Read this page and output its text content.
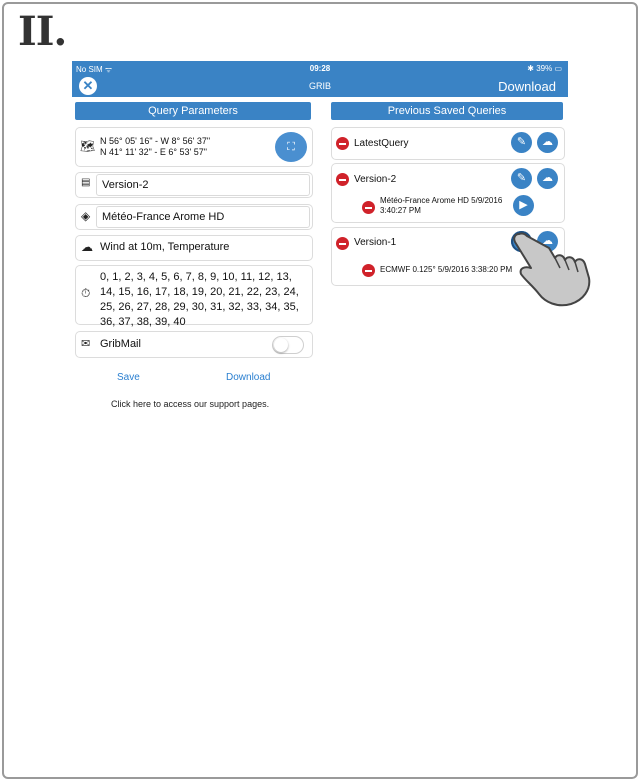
II.
No SIM ᯤ	09:28	✱ 39% ▭
✕	GRIB	Download
Query Parameters
🗺 N 56° 05' 16" - W 8° 56' 37"
N 41° 11' 32" - E 6° 53' 57"	⛶
▤	Version-2
◈	Météo-France Arome HD
☁ Wind at 10m, Temperature
⏱
0, 1, 2, 3, 4, 5, 6, 7, 8, 9, 10, 11, 12, 13, 14, 15, 16, 17, 18, 19, 20, 21, 22, 23, 24, 25, 26, 27, 28, 29, 30, 31, 32, 33, 34, 35, 36, 37, 38, 39, 40
✉ GribMail
Save	Download
Click here to access our support pages.
Previous Saved Queries
LatestQuery	✎	☁
Version-2	✎	☁
Météo-France Arome HD 5/9/2016
3:40:27 PM	▶
Version-1	☁
ECMWF 0.125° 5/9/2016 3:38:20 PM
